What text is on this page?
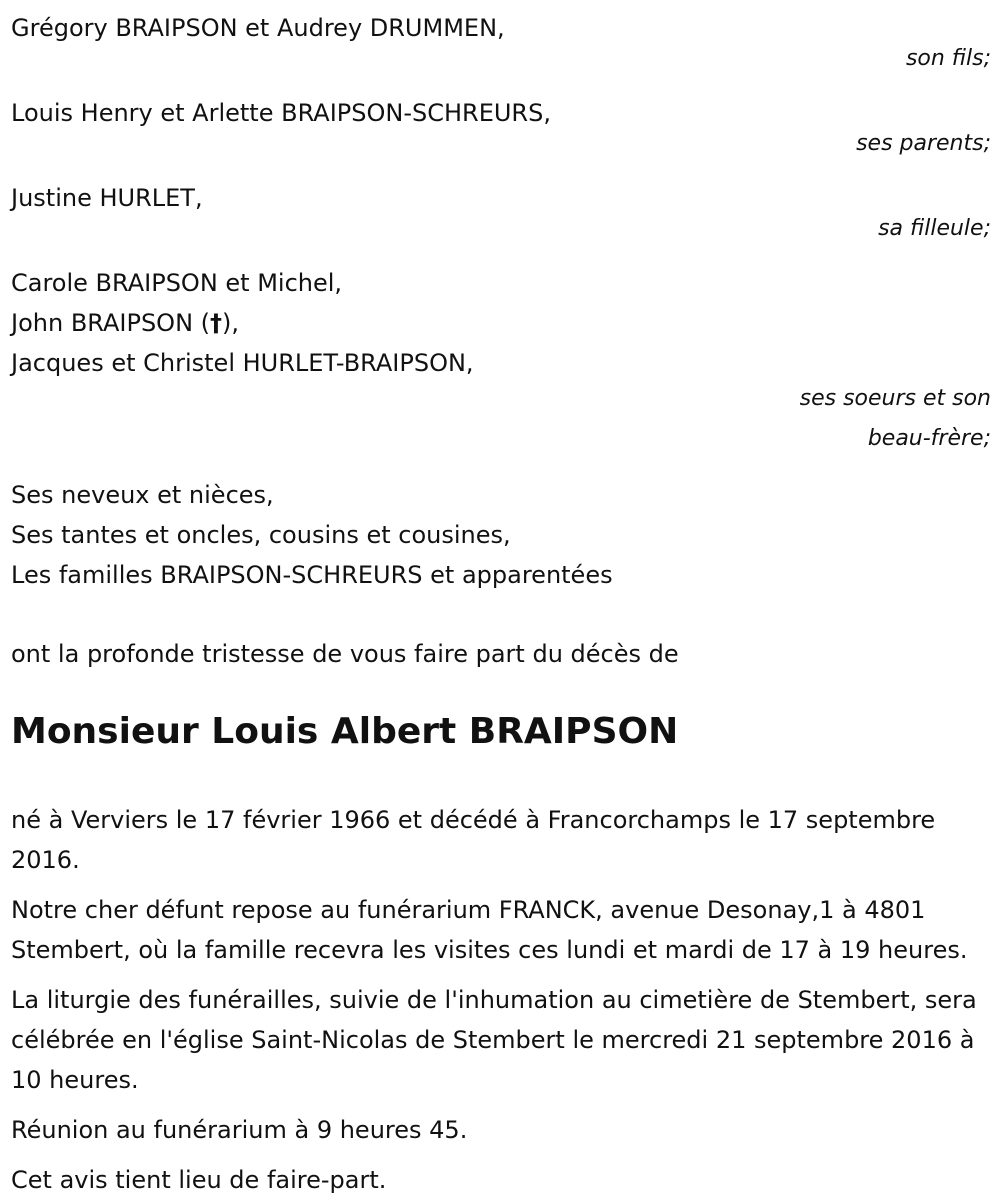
Grégory BRAIPSON et Audrey DRUMMEN,
son fils;
Louis Henry et Arlette BRAIPSON-SCHREURS,
ses parents;
Justine HURLET,
sa filleule;
Carole BRAIPSON et Michel,
John BRAIPSON (†),
Jacques et Christel HURLET-BRAIPSON,
ses soeurs et son
beau-frère;
Ses neveux et nièces,
Ses tantes et oncles, cousins et cousines,
Les familles BRAIPSON-SCHREURS et apparentées
ont la profonde tristesse de vous faire part du décès de
Monsieur Louis Albert BRAIPSON

né à Verviers le 17 février 1966 et décédé à Francorchamps le 17 septembre 2016.

Notre cher défunt repose au funérarium FRANCK, avenue Desonay,1 à 4801 Stembert, où la famille recevra les visites ces lundi et mardi de 17 à 19 heures.

La liturgie des funérailles, suivie de l'inhumation au cimetière de Stembert, sera célébrée en l'église Saint-Nicolas de Stembert le mercredi 21 septembre 2016 à 10 heures.

Réunion au funérarium à 9 heures 45.

Cet avis tient lieu de faire-part.
